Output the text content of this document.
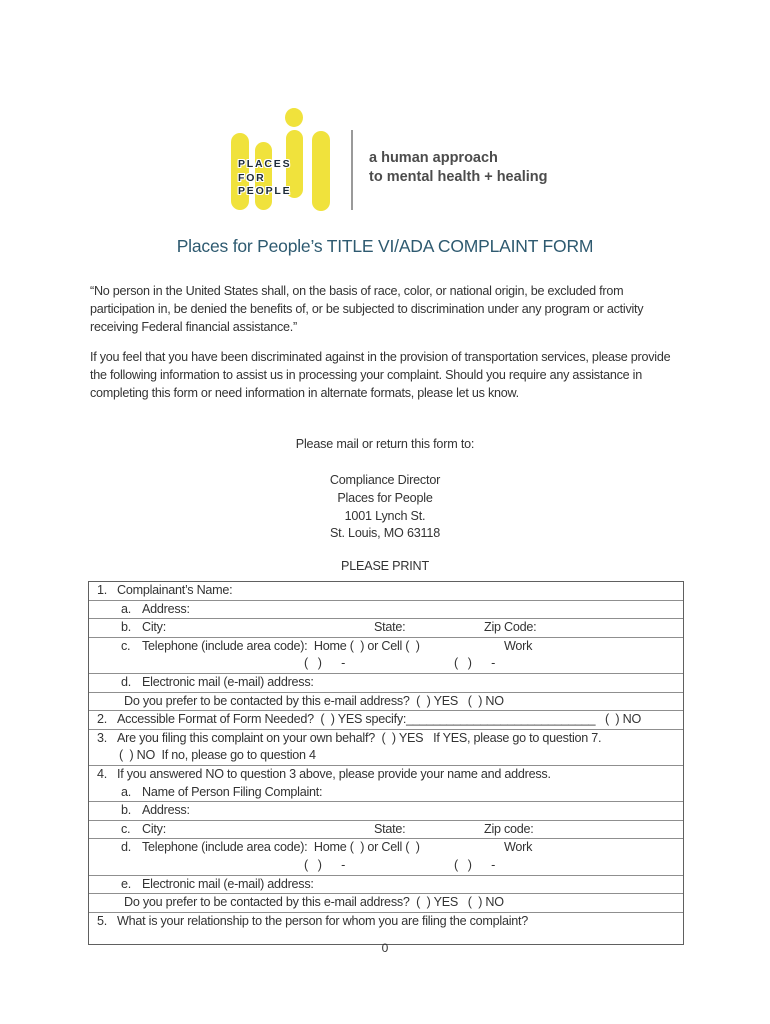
PLACES
FOR
PEOPLE
a human approach
to mental health + healing
Places for People’s TITLE VI/ADA COMPLAINT FORM
“No person in the United States shall, on the basis of race, color, or national origin, be excluded from participation in, be denied the benefits of, or be subjected to discrimination under any program or activity receiving Federal financial assistance.”
If you feel that you have been discriminated against in the provision of transportation services, please provide the following information to assist us in processing your complaint. Should you require any assistance in completing this form or need information in alternate formats, please let us know.
Please mail or return this form to:
Compliance Director
Places for People
1001 Lynch St.
St. Louis, MO 63118
PLEASE PRINT
1. Complainant’s Name:
a. Address:
b. City:	State:	Zip Code:
c. Telephone (include area code):  Home (  ) or Cell (  )	Work
(   )      -	(   )      -
d. Electronic mail (e-mail) address:
Do you prefer to be contacted by this e-mail address?  (  ) YES   (  ) NO
2. Accessible Format of Form Needed?  (  ) YES specify:____________________________   (  ) NO
3. Are you filing this complaint on your own behalf?  (  ) YES   If YES, please go to question 7.
(  ) NO  If no, please go to question 4
4. If you answered NO to question 3 above, please provide your name and address.
a. Name of Person Filing Complaint:
b. Address:
c. City:	State:	Zip code:
d. Telephone (include area code):  Home (  ) or Cell (  )	Work
(   )      -	(   )      -
e. Electronic mail (e-mail) address:
Do you prefer to be contacted by this e-mail address?  (  ) YES   (  ) NO
5. What is your relationship to the person for whom you are filing the complaint?
0
